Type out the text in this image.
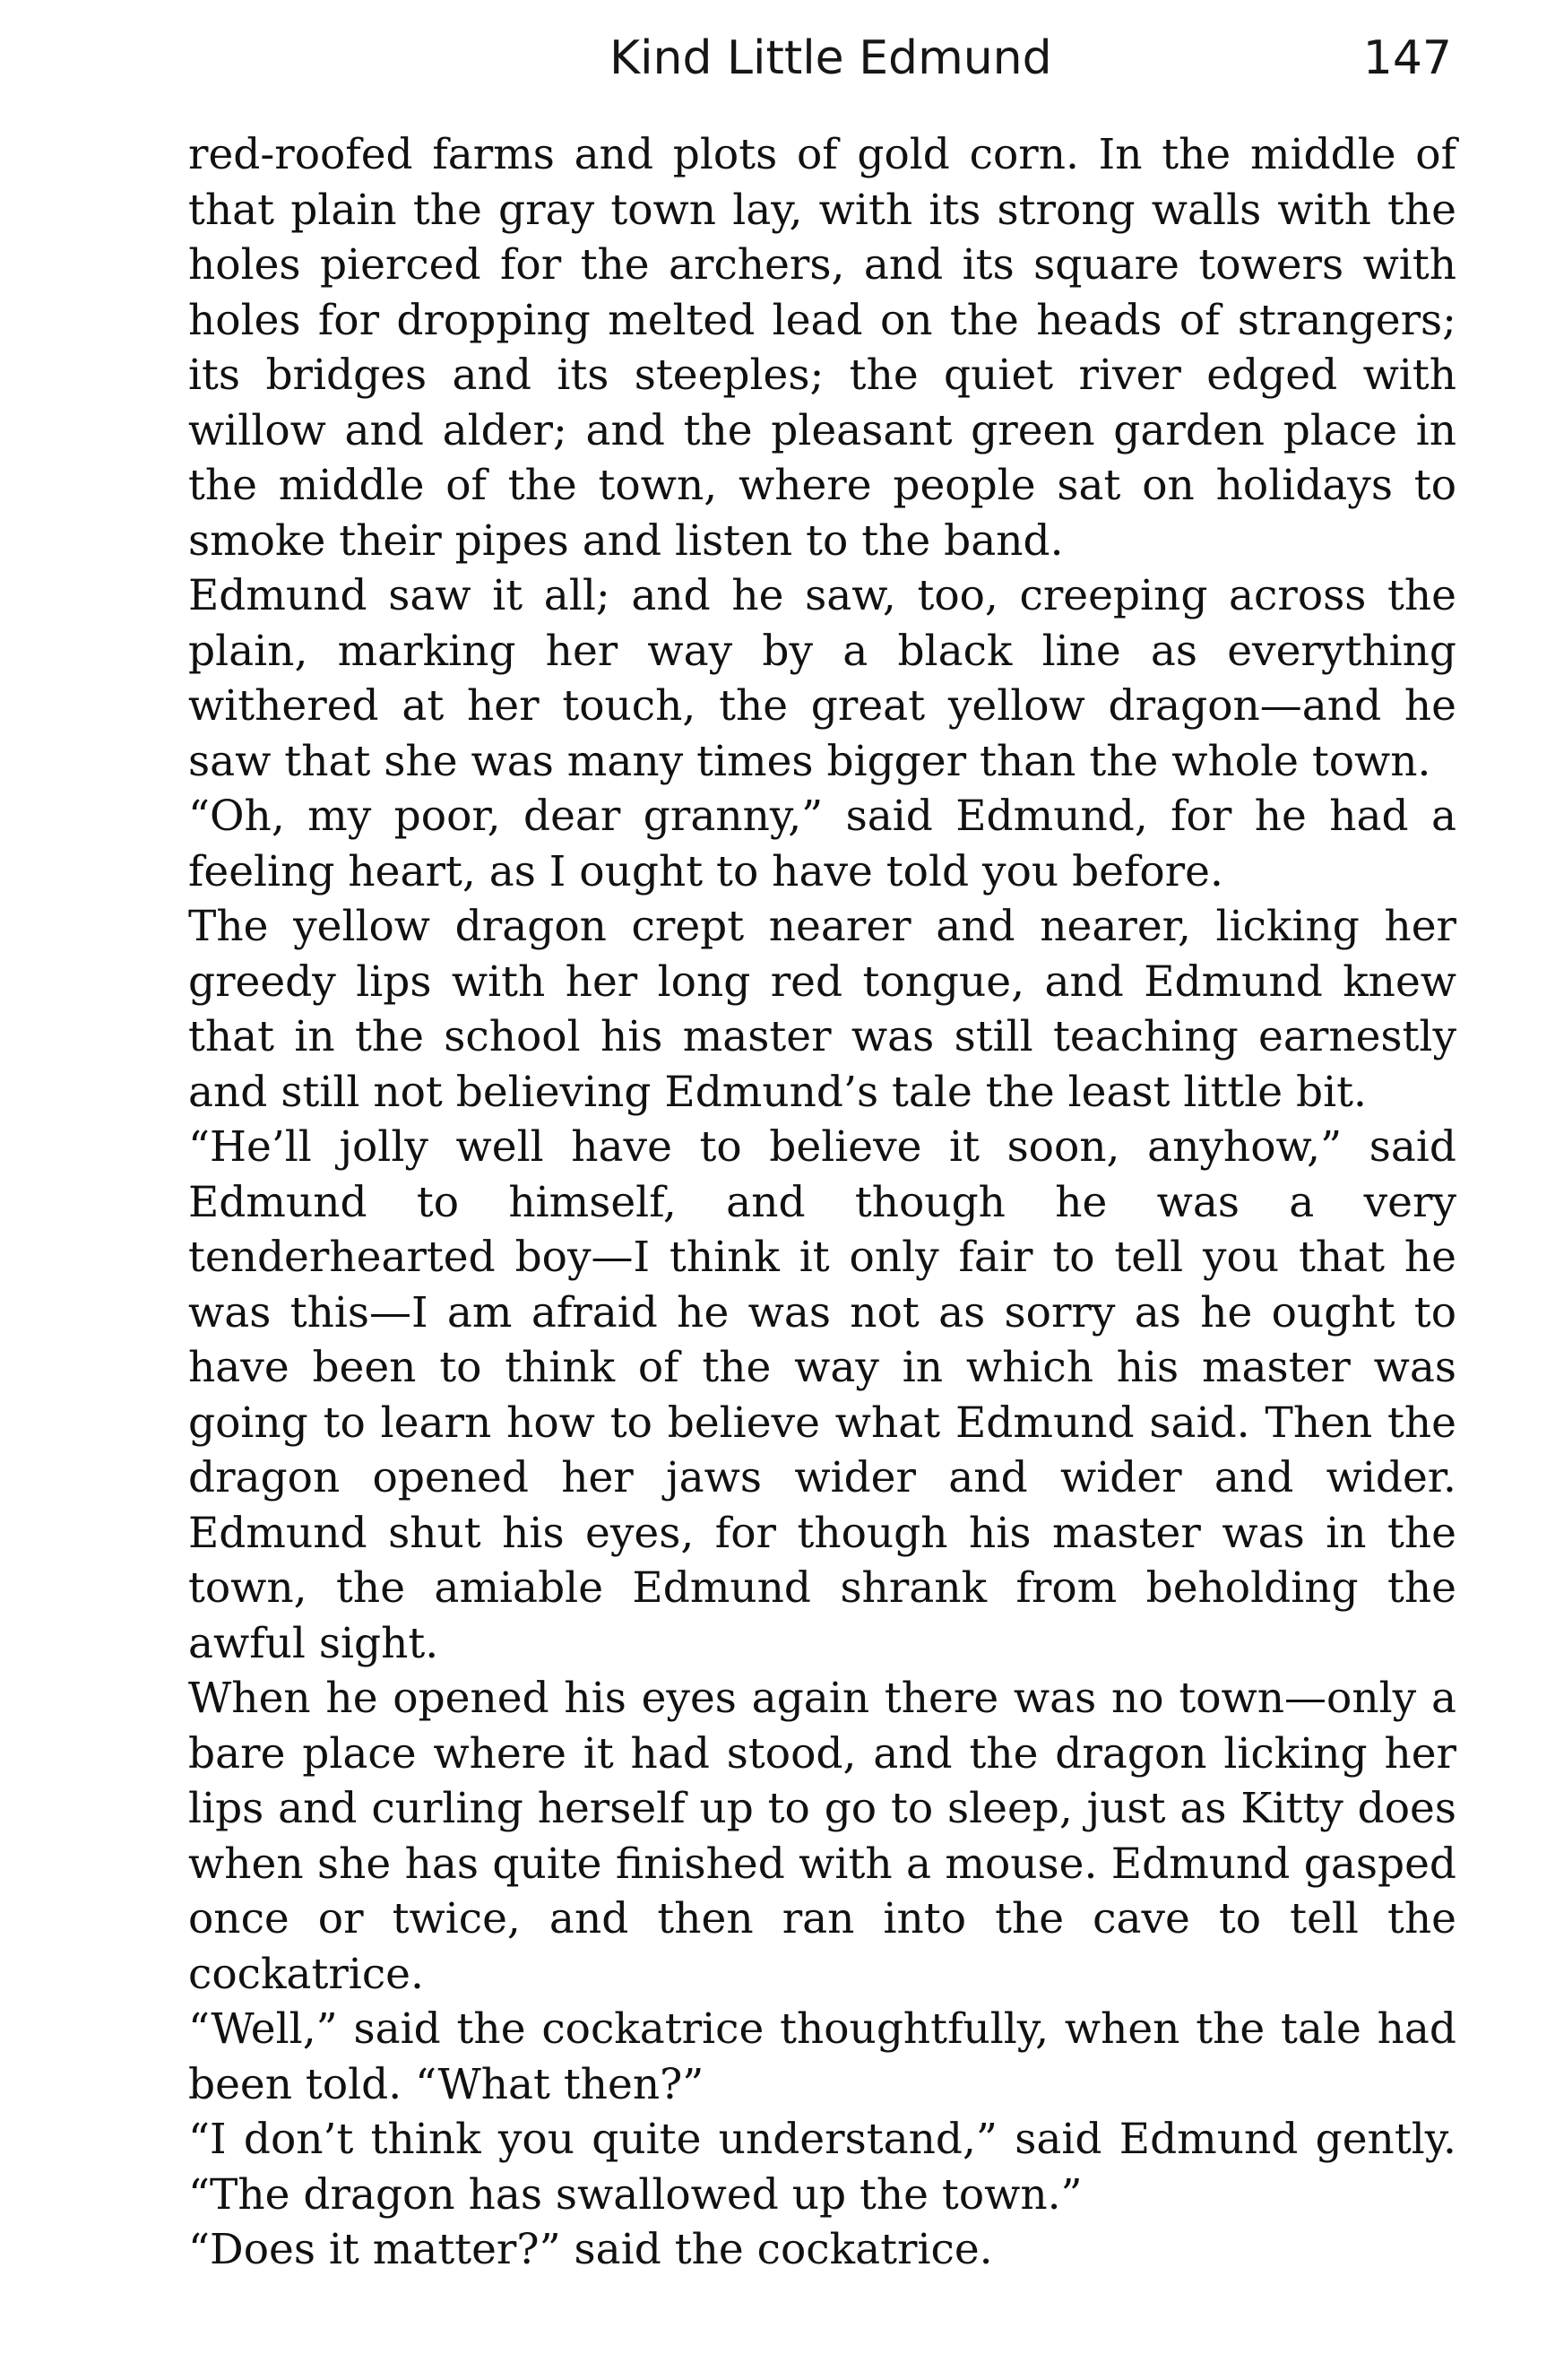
Kind Little Edmund	147

red-roofed farms and plots of gold corn. In the middle of that plain the gray town lay, with its strong walls with the holes pierced for the archers, and its square towers with holes for dropping melted lead on the heads of strangers; its bridges and its steeples; the quiet river edged with willow and alder; and the pleasant green garden place in the middle of the town, where people sat on holidays to smoke their pipes and listen to the band.

Edmund saw it all; and he saw, too, creeping across the plain, marking her way by a black line as everything withered at her touch, the great yellow dragon—and he saw that she was many times bigger than the whole town.

“Oh, my poor, dear granny,” said Edmund, for he had a feeling heart, as I ought to have told you before.

The yellow dragon crept nearer and nearer, licking her greedy lips with her long red tongue, and Edmund knew that in the school his master was still teaching earnestly and still not believing Edmund’s tale the least little bit.

“He’ll jolly well have to believe it soon, anyhow,” said Edmund to himself, and though he was a very tenderhearted boy—I think it only fair to tell you that he was this—I am afraid he was not as sorry as he ought to have been to think of the way in which his master was going to learn how to believe what Edmund said. Then the dragon opened her jaws wider and wider and wider. Edmund shut his eyes, for though his master was in the town, the amiable Edmund shrank from beholding the awful sight.

When he opened his eyes again there was no town—only a bare place where it had stood, and the dragon licking her lips and curling herself up to go to sleep, just as Kitty does when she has quite finished with a mouse. Edmund gasped once or twice, and then ran into the cave to tell the cockatrice.

“Well,” said the cockatrice thoughtfully, when the tale had been told. “What then?”

“I don’t think you quite understand,” said Edmund gently. “The dragon has swallowed up the town.”

“Does it matter?” said the cockatrice.
